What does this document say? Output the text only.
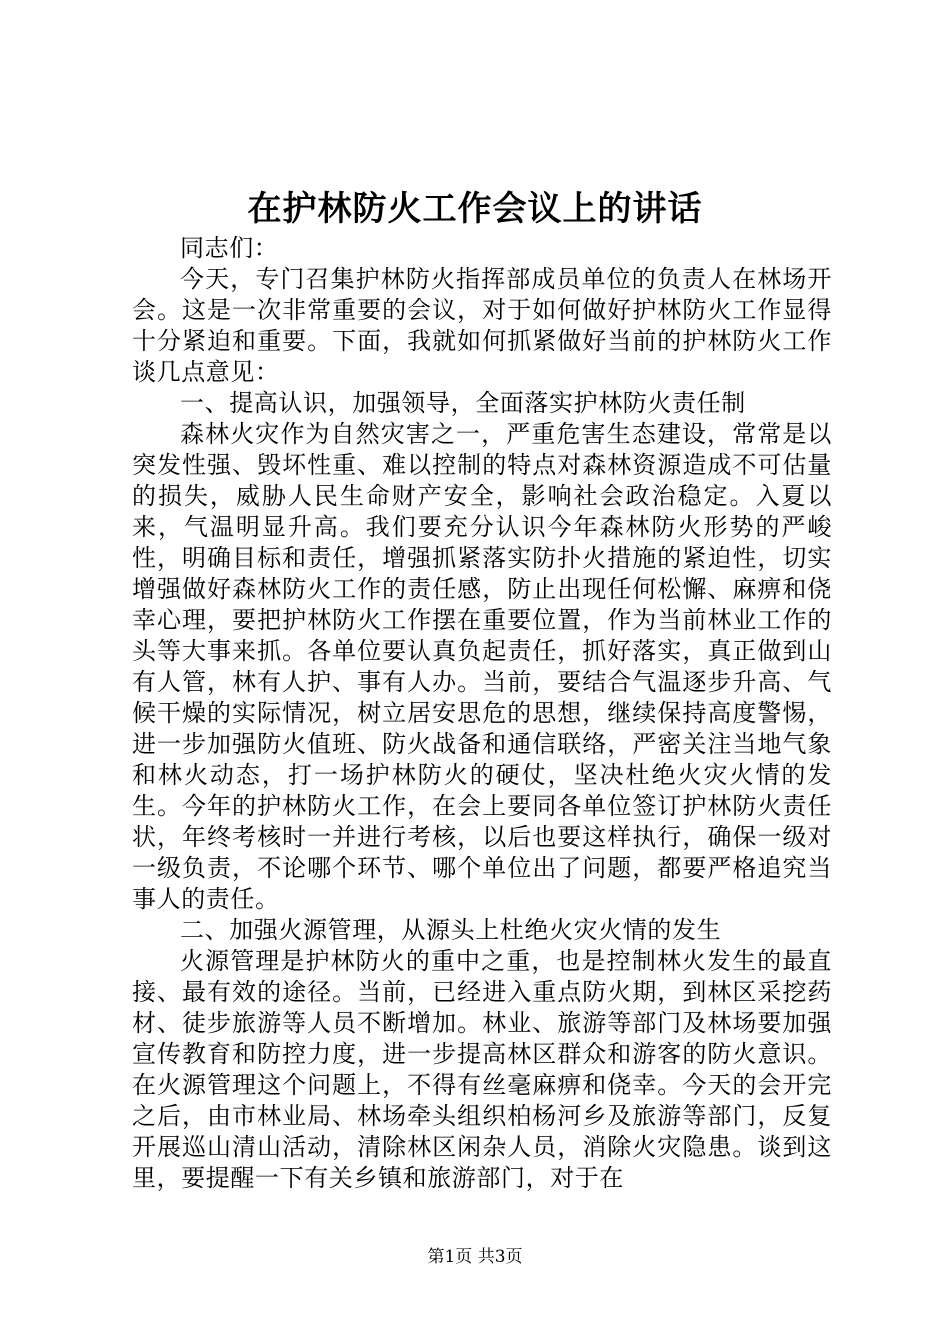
在护林防火工作会议上的讲话

同志们：

今天，专门召集护林防火指挥部成员单位的负责人在林场开会。这是一次非常重要的会议，对于如何做好护林防火工作显得十分紧迫和重要。下面，我就如何抓紧做好当前的护林防火工作谈几点意见：

一、提高认识，加强领导，全面落实护林防火责任制

森林火灾作为自然灾害之一，严重危害生态建设，常常是以突发性强、毁坏性重、难以控制的特点对森林资源造成不可估量的损失，威胁人民生命财产安全，影响社会政治稳定。入夏以来，气温明显升高。我们要充分认识今年森林防火形势的严峻性，明确目标和责任，增强抓紧落实防扑火措施的紧迫性，切实增强做好森林防火工作的责任感，防止出现任何松懈、麻痹和侥幸心理，要把护林防火工作摆在重要位置，作为当前林业工作的头等大事来抓。各单位要认真负起责任，抓好落实，真正做到山有人管，林有人护、事有人办。当前，要结合气温逐步升高、气候干燥的实际情况，树立居安思危的思想，继续保持高度警惕，进一步加强防火值班、防火战备和通信联络，严密关注当地气象和林火动态，打一场护林防火的硬仗，坚决杜绝火灾火情的发生。今年的护林防火工作，在会上要同各单位签订护林防火责任状，年终考核时一并进行考核，以后也要这样执行，确保一级对一级负责，不论哪个环节、哪个单位出了问题，都要严格追究当事人的责任。

二、加强火源管理，从源头上杜绝火灾火情的发生

火源管理是护林防火的重中之重，也是控制林火发生的最直接、最有效的途径。当前，已经进入重点防火期，到林区采挖药材、徒步旅游等人员不断增加。林业、旅游等部门及林场要加强宣传教育和防控力度，进一步提高林区群众和游客的防火意识。在火源管理这个问题上，不得有丝毫麻痹和侥幸。今天的会开完之后，由市林业局、林场牵头组织柏杨河乡及旅游等部门，反复开展巡山清山活动，清除林区闲杂人员，消除火灾隐患。谈到这里，要提醒一下有关乡镇和旅游部门，对于在

第1页 共3页
